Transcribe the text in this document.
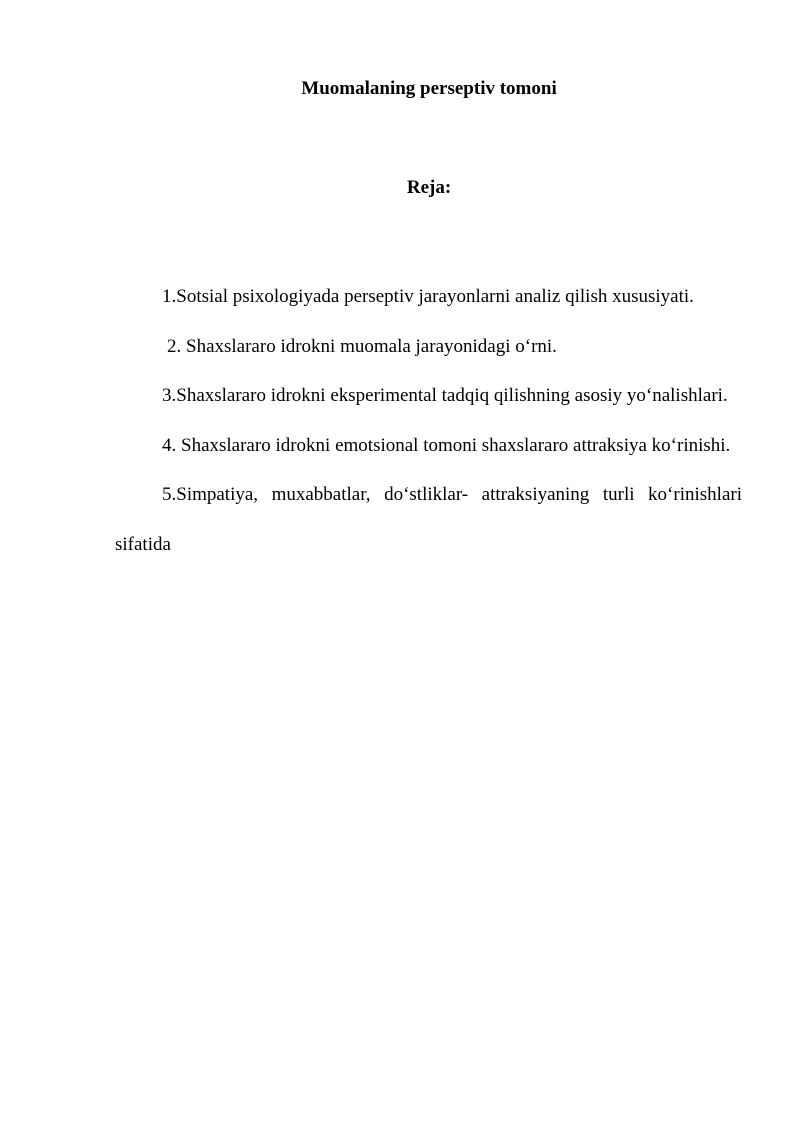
Muomalaning perseptiv tomoni
Reja:

1.Sotsial psixologiyada perseptiv jarayonlarni analiz qilish xususiyati.

2. Shaxslararo idrokni muomala jarayonidagi o‘rni.

3.Shaxslararo idrokni eksperimental tadqiq qilishning asosiy yo‘nalishlari.

4. Shaxslararo idrokni emotsional tomoni shaxslararo attraksiya ko‘rinishi.

5.Simpatiya, muxabbatlar, do‘stliklar- attraksiyaning turli ko‘rinishlari sifatida
